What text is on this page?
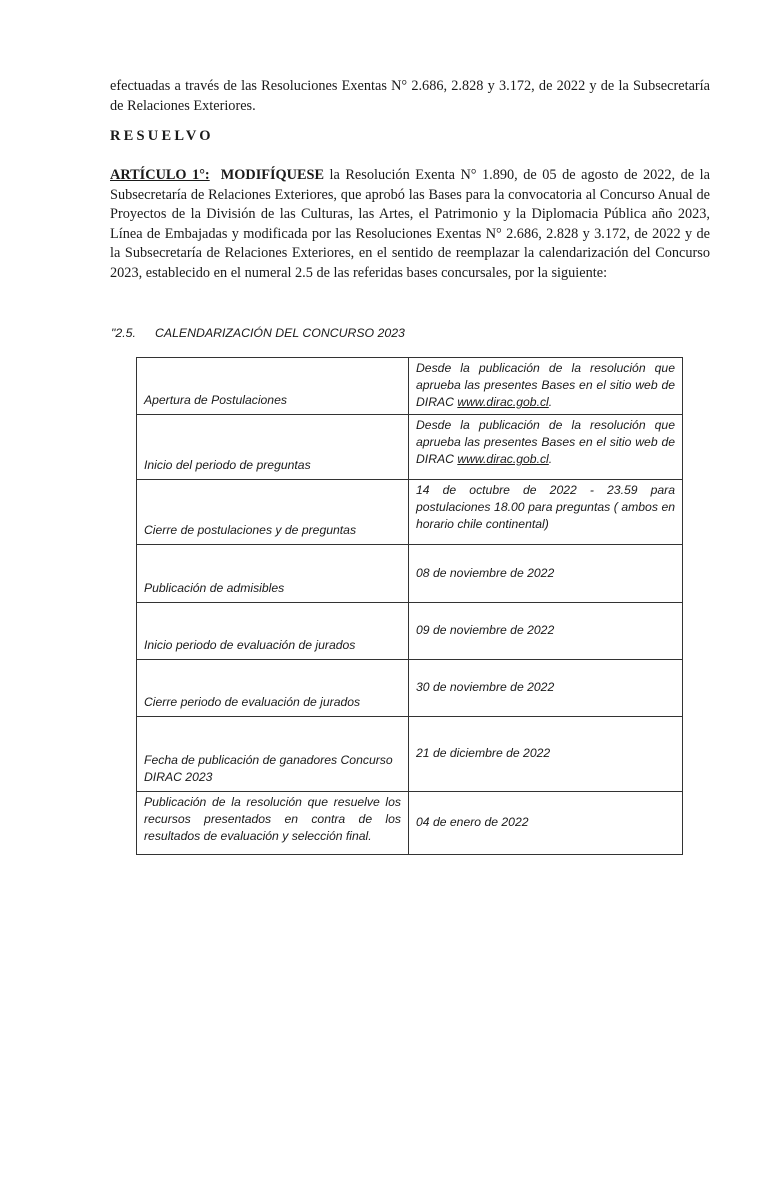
efectuadas a través de las Resoluciones Exentas N° 2.686, 2.828 y 3.172, de 2022 y de la Subsecretaría de Relaciones Exteriores.

RESUELVO

ARTÍCULO 1°: MODIFÍQUESE la Resolución Exenta N° 1.890, de 05 de agosto de 2022, de la Subsecretaría de Relaciones Exteriores, que aprobó las Bases para la convocatoria al Concurso Anual de Proyectos de la División de las Culturas, las Artes, el Patrimonio y la Diplomacia Pública año 2023, Línea de Embajadas y modificada por las Resoluciones Exentas N° 2.686, 2.828 y 3.172, de 2022 y de la Subsecretaría de Relaciones Exteriores, en el sentido de reemplazar la calendarización del Concurso 2023, establecido en el numeral 2.5 de las referidas bases concursales, por la siguiente:

"2.5. CALENDARIZACIÓN DEL CONCURSO 2023

Apertura de Postulaciones	Desde la publicación de la resolución que aprueba las presentes Bases en el sitio web de DIRAC www.dirac.gob.cl.
Inicio del periodo de preguntas	Desde la publicación de la resolución que aprueba las presentes Bases en el sitio web de DIRAC www.dirac.gob.cl.
Cierre de postulaciones y de preguntas	14 de octubre de 2022 - 23.59 para postulaciones 18.00 para preguntas ( ambos en horario chile continental)
Publicación de admisibles	08 de noviembre de 2022
Inicio periodo de evaluación de jurados	09 de noviembre de 2022
Cierre periodo de evaluación de jurados	30 de noviembre de 2022
Fecha de publicación de ganadores Concurso DIRAC 2023	21 de diciembre de 2022
Publicación de la resolución que resuelve los recursos presentados en contra de los resultados de evaluación y selección final.	04 de enero de 2022
